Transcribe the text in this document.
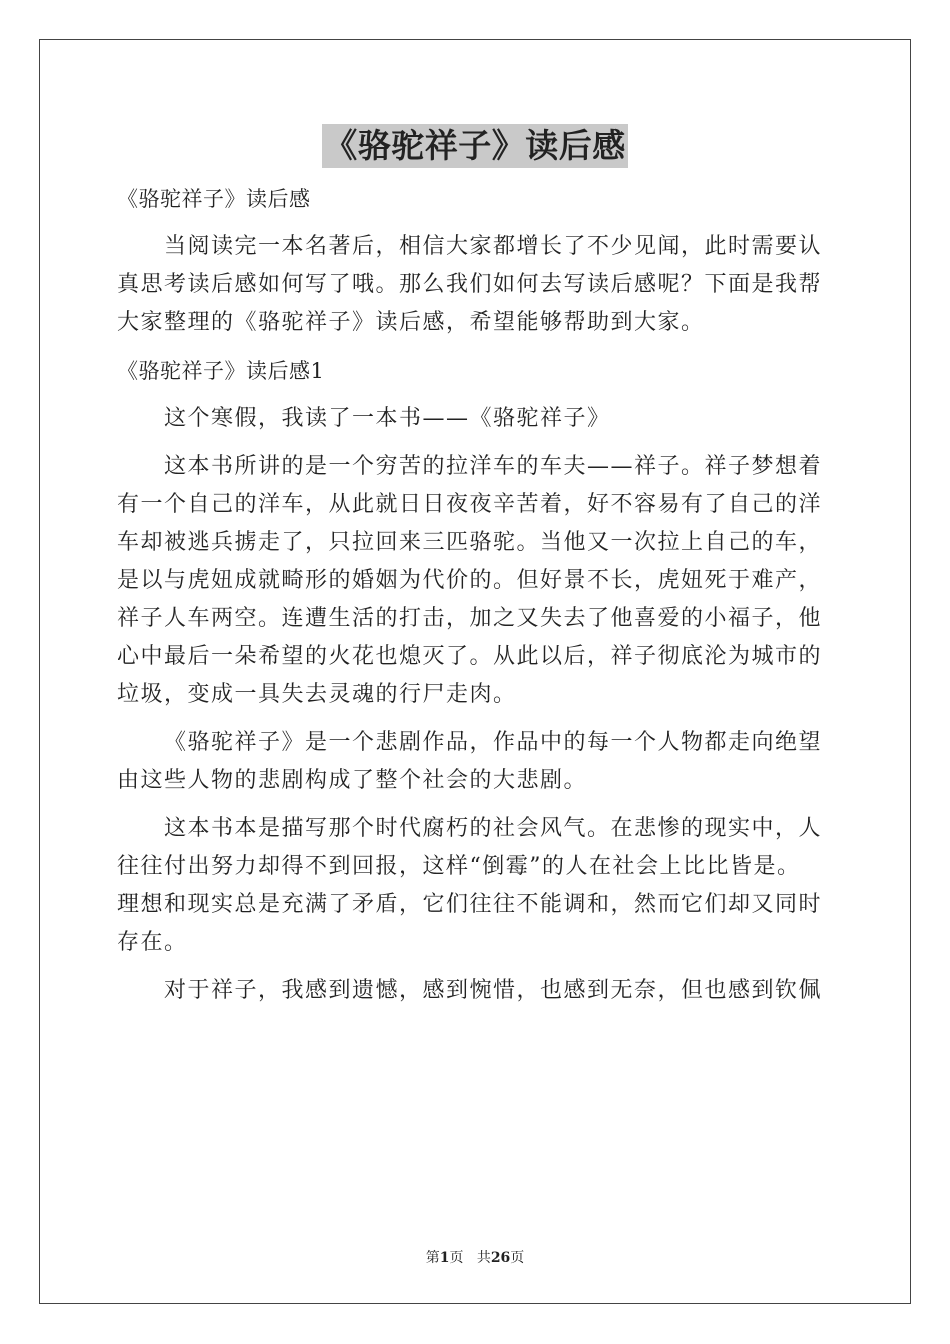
《骆驼祥子》读后感
《骆驼祥子》读后感

当阅读完一本名著后，相信大家都增长了不少见闻，此时需要认
真思考读后感如何写了哦。那么我们如何去写读后感呢？下面是我帮
大家整理的《骆驼祥子》读后感，希望能够帮助到大家。

《骆驼祥子》读后感1

这个寒假，我读了一本书——《骆驼祥子》

这本书所讲的是一个穷苦的拉洋车的车夫——祥子。祥子梦想着
有一个自己的洋车，从此就日日夜夜辛苦着，好不容易有了自己的洋
车却被逃兵掳走了，只拉回来三匹骆驼。当他又一次拉上自己的车，
是以与虎妞成就畸形的婚姻为代价的。但好景不长，虎妞死于难产，
祥子人车两空。连遭生活的打击，加之又失去了他喜爱的小福子，他
心中最后一朵希望的火花也熄灭了。从此以后，祥子彻底沦为城市的
垃圾，变成一具失去灵魂的行尸走肉。

《骆驼祥子》是一个悲剧作品，作品中的每一个人物都走向绝望
由这些人物的悲剧构成了整个社会的大悲剧。

这本书本是描写那个时代腐朽的社会风气。在悲惨的现实中，人
往往付出努力却得不到回报，这样“倒霉”的人在社会上比比皆是。
理想和现实总是充满了矛盾，它们往往不能调和，然而它们却又同时
存在。

对于祥子，我感到遗憾，感到惋惜，也感到无奈，但也感到钦佩

第1页 共26页
